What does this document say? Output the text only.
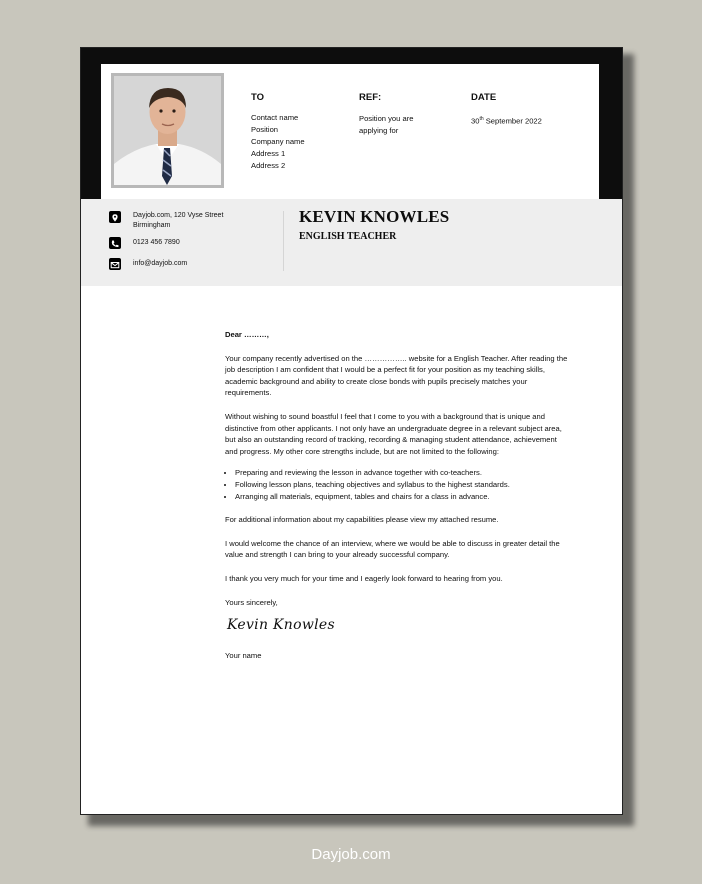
TO
Contact name
Position
Company name
Address 1
Address 2
REF:
Position you are
applying for
DATE
30th September 2022
Dayjob.com, 120 Vyse Street
Birmingham
0123 456 7890
info@dayjob.com
KEVIN KNOWLES
ENGLISH TEACHER

Dear ………,

Your company recently advertised on the …………….. website for a English Teacher. After reading the job description I am confident that I would be a perfect fit for your position as my teaching skills, academic background and ability to create close bonds with pupils precisely matches your requirements.

Without wishing to sound boastful I feel that I come to you with a background that is unique and distinctive from other applicants. I not only have an undergraduate degree in a relevant subject area, but also an outstanding record of tracking, recording & managing student attendance, achievement and progress. My other core strengths include, but are not limited to the following:

• Preparing and reviewing the lesson in advance together with co-teachers.
• Following lesson plans, teaching objectives and syllabus to the highest standards.
• Arranging all materials, equipment, tables and chairs for a class in advance.

For additional information about my capabilities please view my attached resume.

I would welcome the chance of an interview, where we would be able to discuss in greater detail the value and strength I can bring to your already successful company.

I thank you very much for your time and I eagerly look forward to hearing from you.

Yours sincerely,

Kevin Knowles

Your name

Dayjob.com
